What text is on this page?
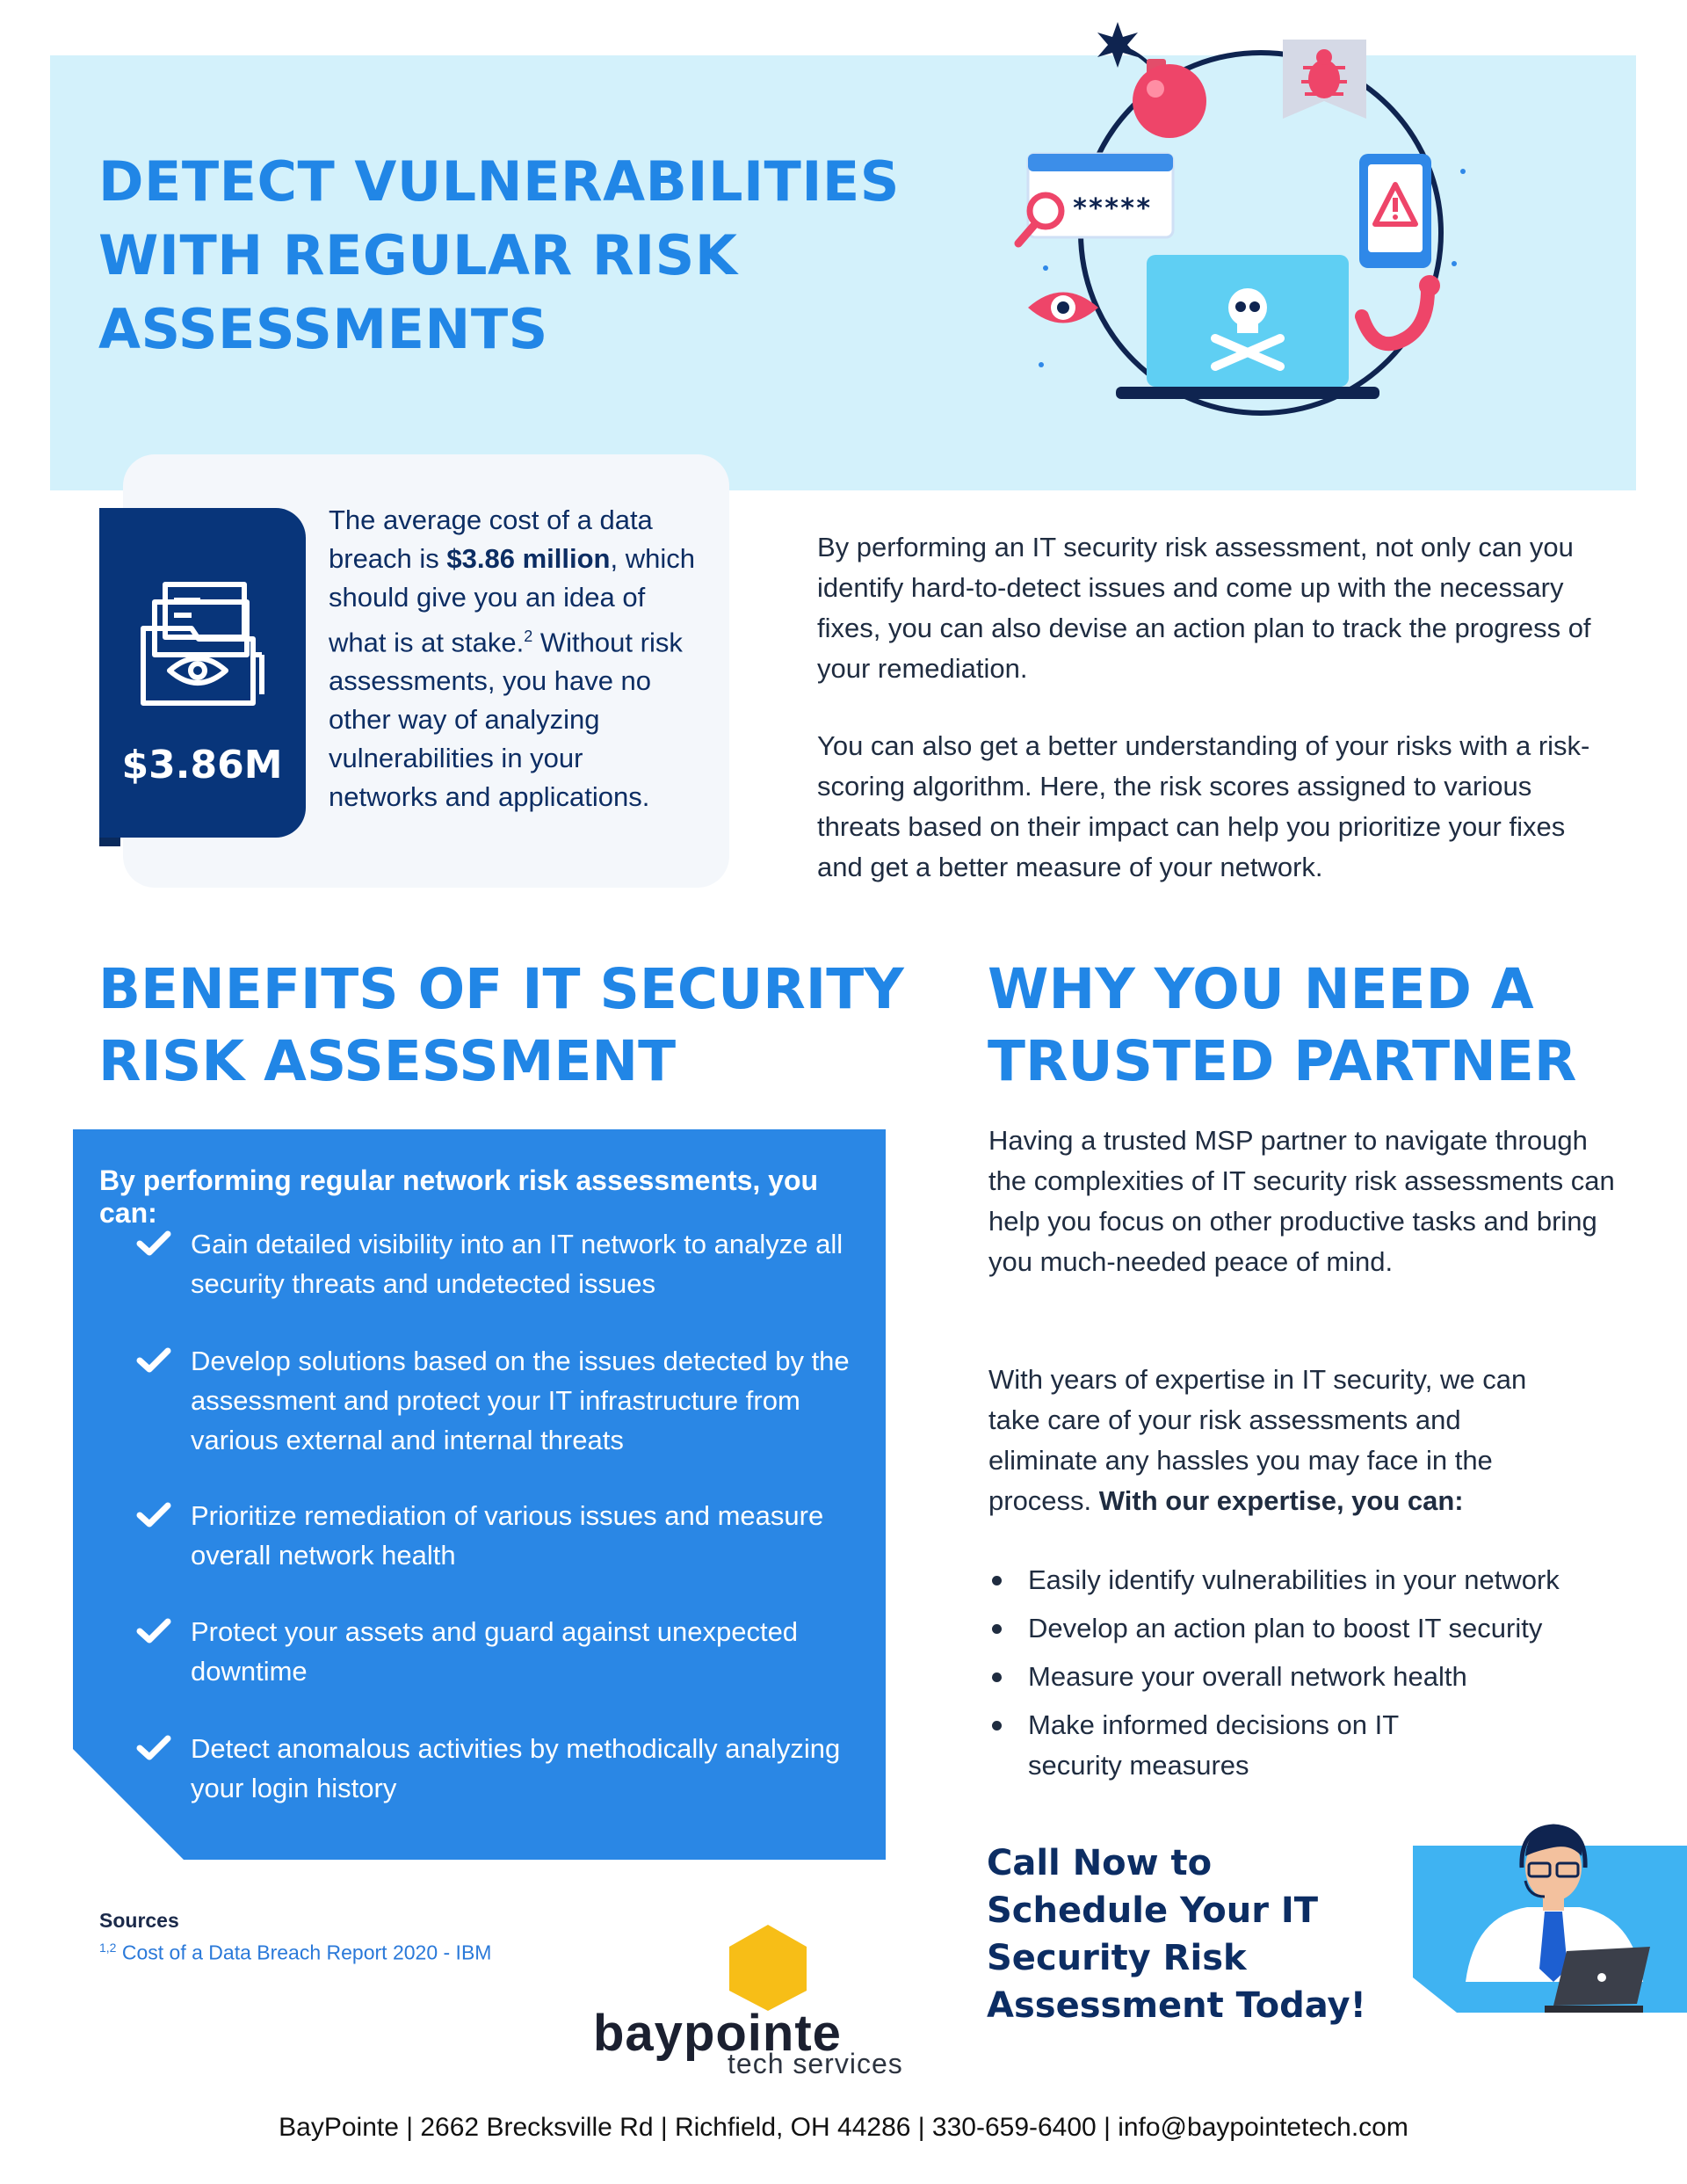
DETECT VULNERABILITIES WITH REGULAR RISK ASSESSMENTS
*****
$3.86M
The average cost of a data breach is $3.86 million, which should give you an idea of what is at stake.$^2$ Without risk assessments, you have no other way of analyzing vulnerabilities in your networks and applications.

By performing an IT security risk assessment, not only can you identify hard-to-detect issues and come up with the necessary fixes, you can also devise an action plan to track the progress of your remediation.

You can also get a better understanding of your risks with a risk-scoring algorithm. Here, the risk scores assigned to various threats based on their impact can help you prioritize your fixes and get a better measure of your network.

BENEFITS OF IT SECURITY RISK ASSESSMENT
By performing regular network risk assessments, you can:
Gain detailed visibility into an IT network to analyze all security threats and undetected issues
Develop solutions based on the issues detected by the assessment and protect your IT infrastructure from various external and internal threats
Prioritize remediation of various issues and measure overall network health
Protect your assets and guard against unexpected downtime
Detect anomalous activities by methodically analyzing your login history
WHY YOU NEED A TRUSTED PARTNER

Having a trusted MSP partner to navigate through the complexities of IT security risk assessments can help you focus on other productive tasks and bring you much-needed peace of mind.

With years of expertise in IT security, we can take care of your risk assessments and eliminate any hassles you may face in the process. With our expertise, you can:

Easily identify vulnerabilities in your network
Develop an action plan to boost IT security
Measure your overall network health
Make informed decisions on IT security measures
Call Now to Schedule Your IT Security Risk Assessment Today!
Sources
$^{1,2}$ Cost of a Data Breach Report 2020 - IBM
baypointe
tech services
BayPointe | 2662 Brecksville Rd | Richfield, OH 44286 | 330-659-6400 | info@baypointetech.com
